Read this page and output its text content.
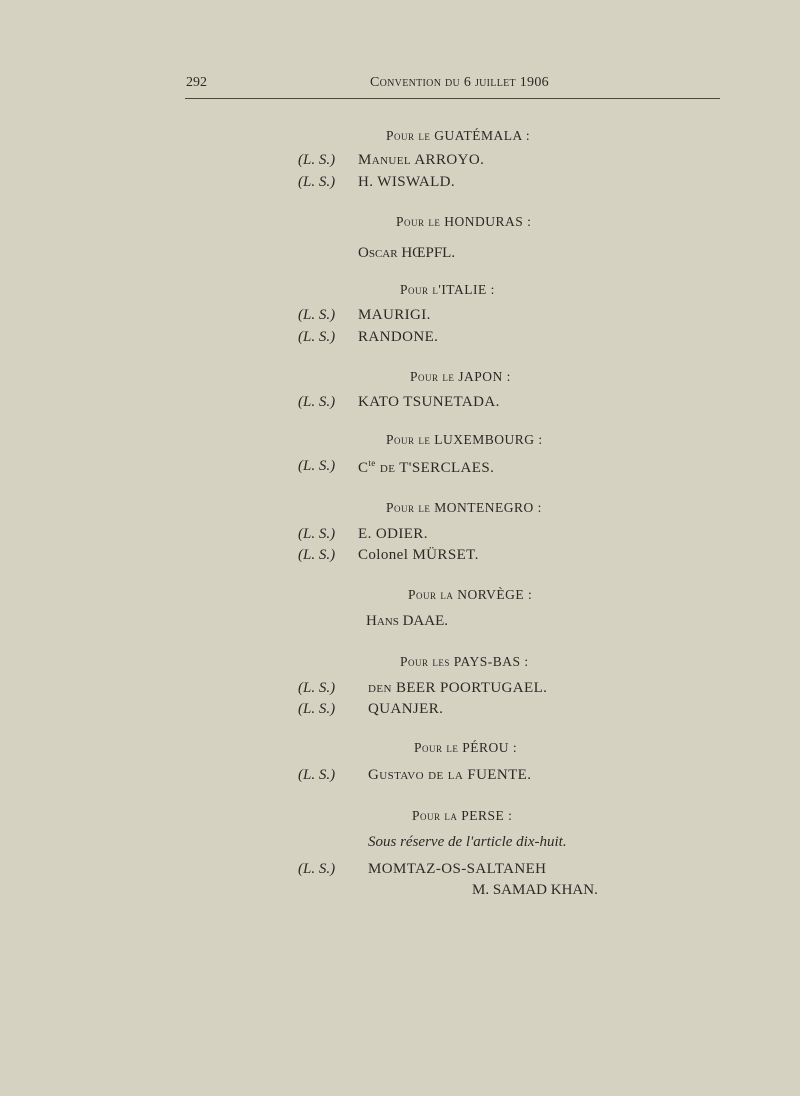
292	Convention du 6 juillet 1906
Pour le GUATÉMALA :
(L. S.) Manuel ARROYO.
(L. S.) H. WISWALD.
Pour le HONDURAS :
Oscar HŒPFL.
Pour l'ITALIE :
(L. S.) MAURIGI.
(L. S.) RANDONE.
Pour le JAPON :
(L. S.) KATO TSUNETADA.
Pour le LUXEMBOURG :
(L. S.) $C^{te}$ de T'SERCLAES.
Pour le MONTENEGRO :
(L. S.) E. ODIER.
(L. S.) Colonel MÜRSET.
Pour la NORVÈGE :
Hans DAAE.
Pour les PAYS-BAS :
(L. S.) den BEER POORTUGAEL.
(L. S.) QUANJER.
Pour le PÉROU :
(L. S.) Gustavo de la FUENTE.
Pour la PERSE :
Sous réserve de l'article dix-huit.
(L. S.) MOMTAZ-OS-SALTANEH
M. SAMAD KHAN.
